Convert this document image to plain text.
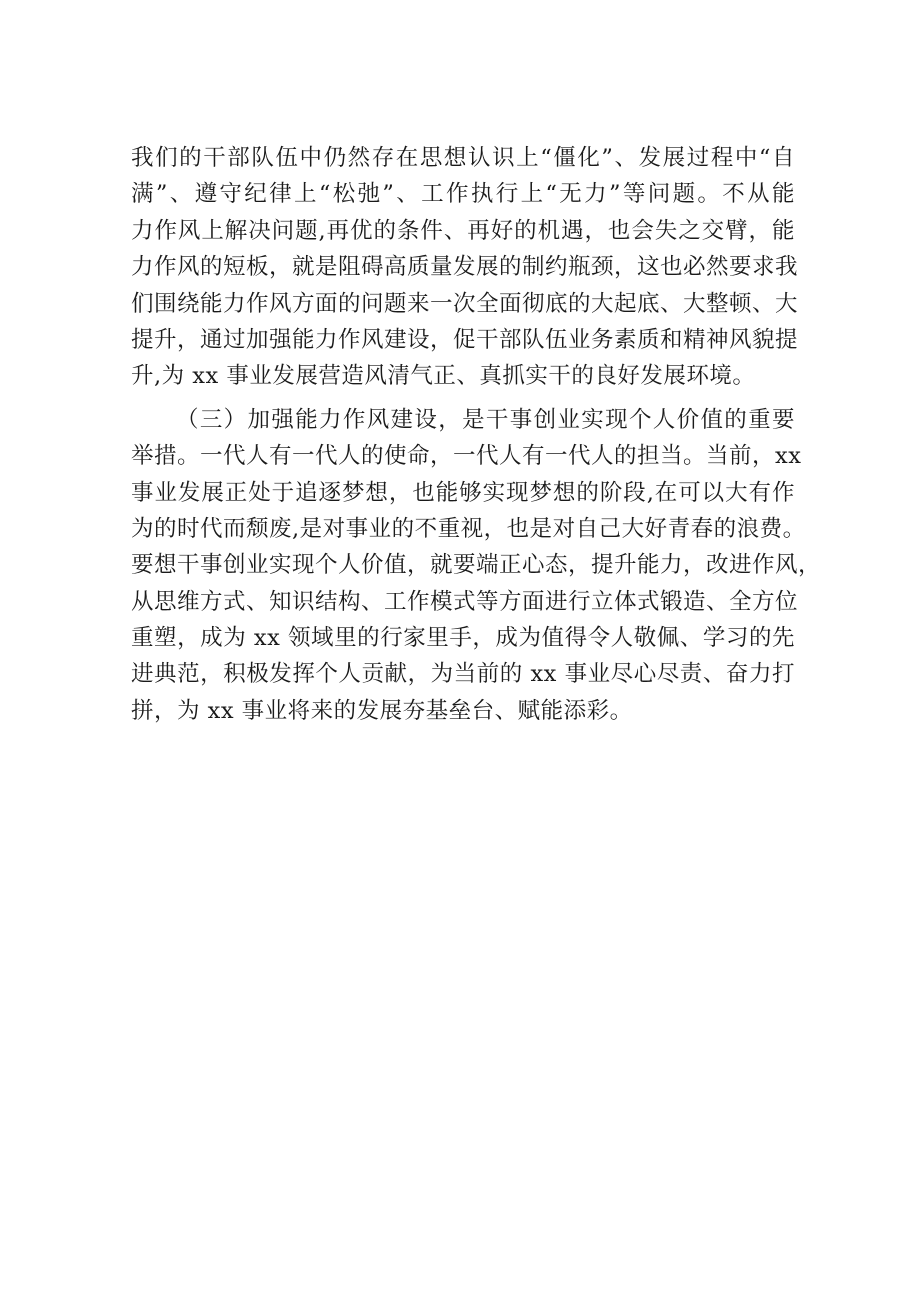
我们的干部队伍中仍然存在思想认识上“僵化”、发展过程中“自
满”、遵守纪律上“松弛”、工作执行上“无力”等问题。不从能
力作风上解决问题,再优的条件、再好的机遇，也会失之交臂，能
力作风的短板，就是阻碍高质量发展的制约瓶颈，这也必然要求我
们围绕能力作风方面的问题来一次全面彻底的大起底、大整顿、大
提升，通过加强能力作风建设，促干部队伍业务素质和精神风貌提
升,为 xx 事业发展营造风清气正、真抓实干的良好发展环境。
（三）加强能力作风建设，是干事创业实现个人价值的重要
举措。一代人有一代人的使命，一代人有一代人的担当。当前，xx
事业发展正处于追逐梦想，也能够实现梦想的阶段,在可以大有作
为的时代而颓废,是对事业的不重视，也是对自己大好青春的浪费。
要想干事创业实现个人价值，就要端正心态，提升能力，改进作风，
从思维方式、知识结构、工作模式等方面进行立体式锻造、全方位
重塑，成为 xx 领域里的行家里手，成为值得令人敬佩、学习的先
进典范，积极发挥个人贡献，为当前的 xx 事业尽心尽责、奋力打
拼，为 xx 事业将来的发展夯基垒台、赋能添彩。
